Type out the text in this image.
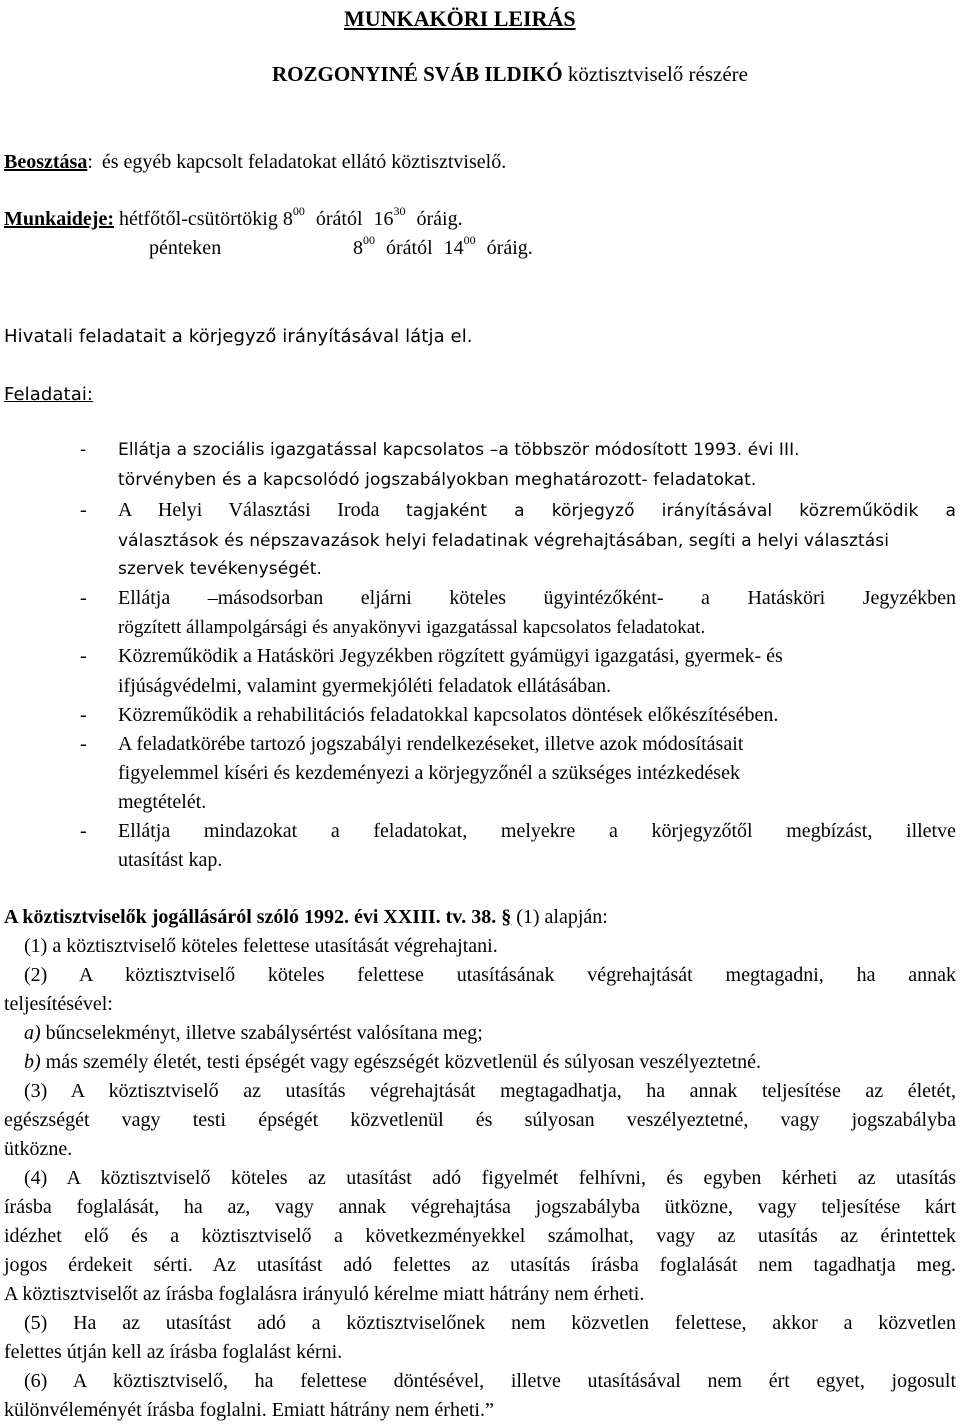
MUNKAKÖRI LEIRÁS
ROZGONYINÉ SVÁB ILDIKÓ köztisztviselő részére
Beosztása: és egyéb kapcsolt feladatokat ellátó köztisztviselő.
Munkaideje: hétfőtől-csütörtökig $8^{00}$ órától $16^{30}$ óráig.
pénteken	$8^{00}$ órától $14^{00}$ óráig.
Hivatali feladatait a körjegyző irányításával látja el.
Feladatai:
- Ellátja a szociális igazgatással kapcsolatos –a többször módosított 1993. évi III.
törvényben és a kapcsolódó jogszabályokban meghatározott- feladatokat.
- A Helyi Választási Iroda tagjaként a körjegyző irányításával közreműködik a
választások és népszavazások helyi feladatinak végrehajtásában, segíti a helyi választási
szervek tevékenységét.
- Ellátja –másodsorban eljárni köteles ügyintézőként- a Hatásköri Jegyzékben
rögzített állampolgársági és anyakönyvi igazgatással kapcsolatos feladatokat.
- Közreműködik a Hatásköri Jegyzékben rögzített gyámügyi igazgatási, gyermek- és
ifjúságvédelmi, valamint gyermekjóléti feladatok ellátásában.
- Közreműködik a rehabilitációs feladatokkal kapcsolatos döntések előkészítésében.
- A feladatkörébe tartozó jogszabályi rendelkezéseket, illetve azok módosításait
figyelemmel kíséri és kezdeményezi a körjegyzőnél a szükséges intézkedések
megtételét.
- Ellátja mindazokat a feladatokat, melyekre a körjegyzőtől megbízást, illetve
utasítást kap.
A köztisztviselők jogállásáról szóló 1992. évi XXIII. tv. 38. § (1) alapján:
(1) a köztisztviselő köteles felettese utasítását végrehajtani.
(2) A köztisztviselő köteles felettese utasításának végrehajtását megtagadni, ha annak
teljesítésével:
a) bűncselekményt, illetve szabálysértést valósítana meg;
b) más személy életét, testi épségét vagy egészségét közvetlenül és súlyosan veszélyeztetné.
(3) A köztisztviselő az utasítás végrehajtását megtagadhatja, ha annak teljesítése az életét,
egészségét vagy testi épségét közvetlenül és súlyosan veszélyeztetné, vagy jogszabályba
ütközne.
(4) A köztisztviselő köteles az utasítást adó figyelmét felhívni, és egyben kérheti az utasítás
írásba foglalását, ha az, vagy annak végrehajtása jogszabályba ütközne, vagy teljesítése kárt
idézhet elő és a köztisztviselő a következményekkel számolhat, vagy az utasítás az érintettek
jogos érdekeit sérti. Az utasítást adó felettes az utasítás írásba foglalását nem tagadhatja meg.
A köztisztviselőt az írásba foglalásra irányuló kérelme miatt hátrány nem érheti.
(5) Ha az utasítást adó a köztisztviselőnek nem közvetlen felettese, akkor a közvetlen
felettes útján kell az írásba foglalást kérni.
(6) A köztisztviselő, ha felettese döntésével, illetve utasításával nem ért egyet, jogosult
különvéleményét írásba foglalni. Emiatt hátrány nem érheti.”
